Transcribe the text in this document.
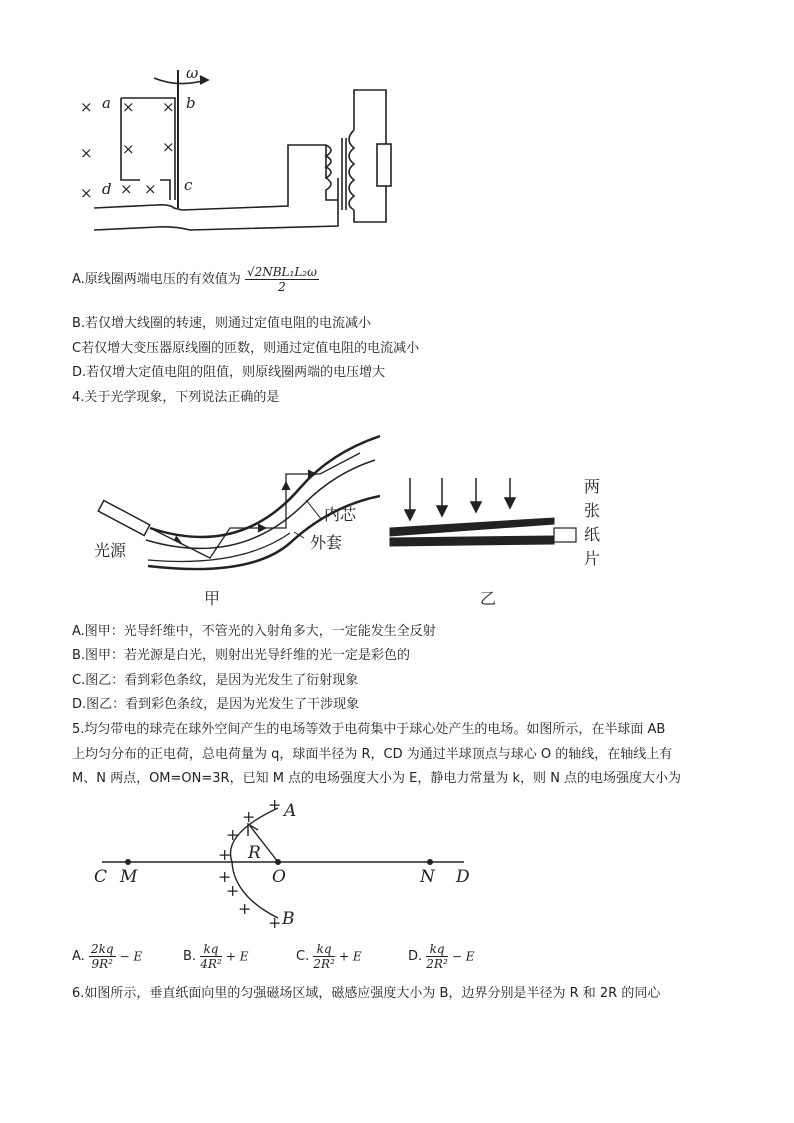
×
×
×
×
×
×
×
×
×
a	b
c
d
ω
A.原线圈两端电压的有效值为 $\frac{\text{√2NBL₁L₂ω}}{2}$
B.若仅增大线圈的转速，则通过定值电阻的电流减小
C若仅增大变压器原线圈的匝数，则通过定值电阻的电流减小
D.若仅增大定值电阻的阻值，则原线圈两端的电压增大
4.关于光学现象，下列说法正确的是
光源
内芯
外套
甲
两
张
纸
片
乙
A.图甲：光导纤维中，不管光的入射角多大，一定能发生全反射
B.图甲：若光源是白光，则射出光导纤维的光一定是彩色的
C.图乙：看到彩色条纹，是因为光发生了衍射现象
D.图乙：看到彩色条纹，是因为光发生了干涉现象
5.均匀带电的球壳在球外空间产生的电场等效于电荷集中于球心处产生的电场。如图所示，在半球面 AB
上均匀分布的正电荷，总电荷量为 q，球面半径为 R，CD 为通过半球顶点与球心 O 的轴线，在轴线上有
M、N 两点，OM=ON=3R，已知 M 点的电场强度大小为 E，静电力常量为 k，则 N 点的电场强度大小为
+
+
+
+
+
+
+
+
A
B
C M	O
R
N D
A. $\frac{2kq}{\text{9R²}} - E$	B. $\frac{kq}{\text{4R²}} + E$	C. $\frac{kq}{\text{2R²}} + E$	D. $\frac{kq}{\text{2R²}} - E$
6.如图所示，垂直纸面向里的匀强磁场区域，磁感应强度大小为 B，边界分别是半径为 R 和 2R 的同心
